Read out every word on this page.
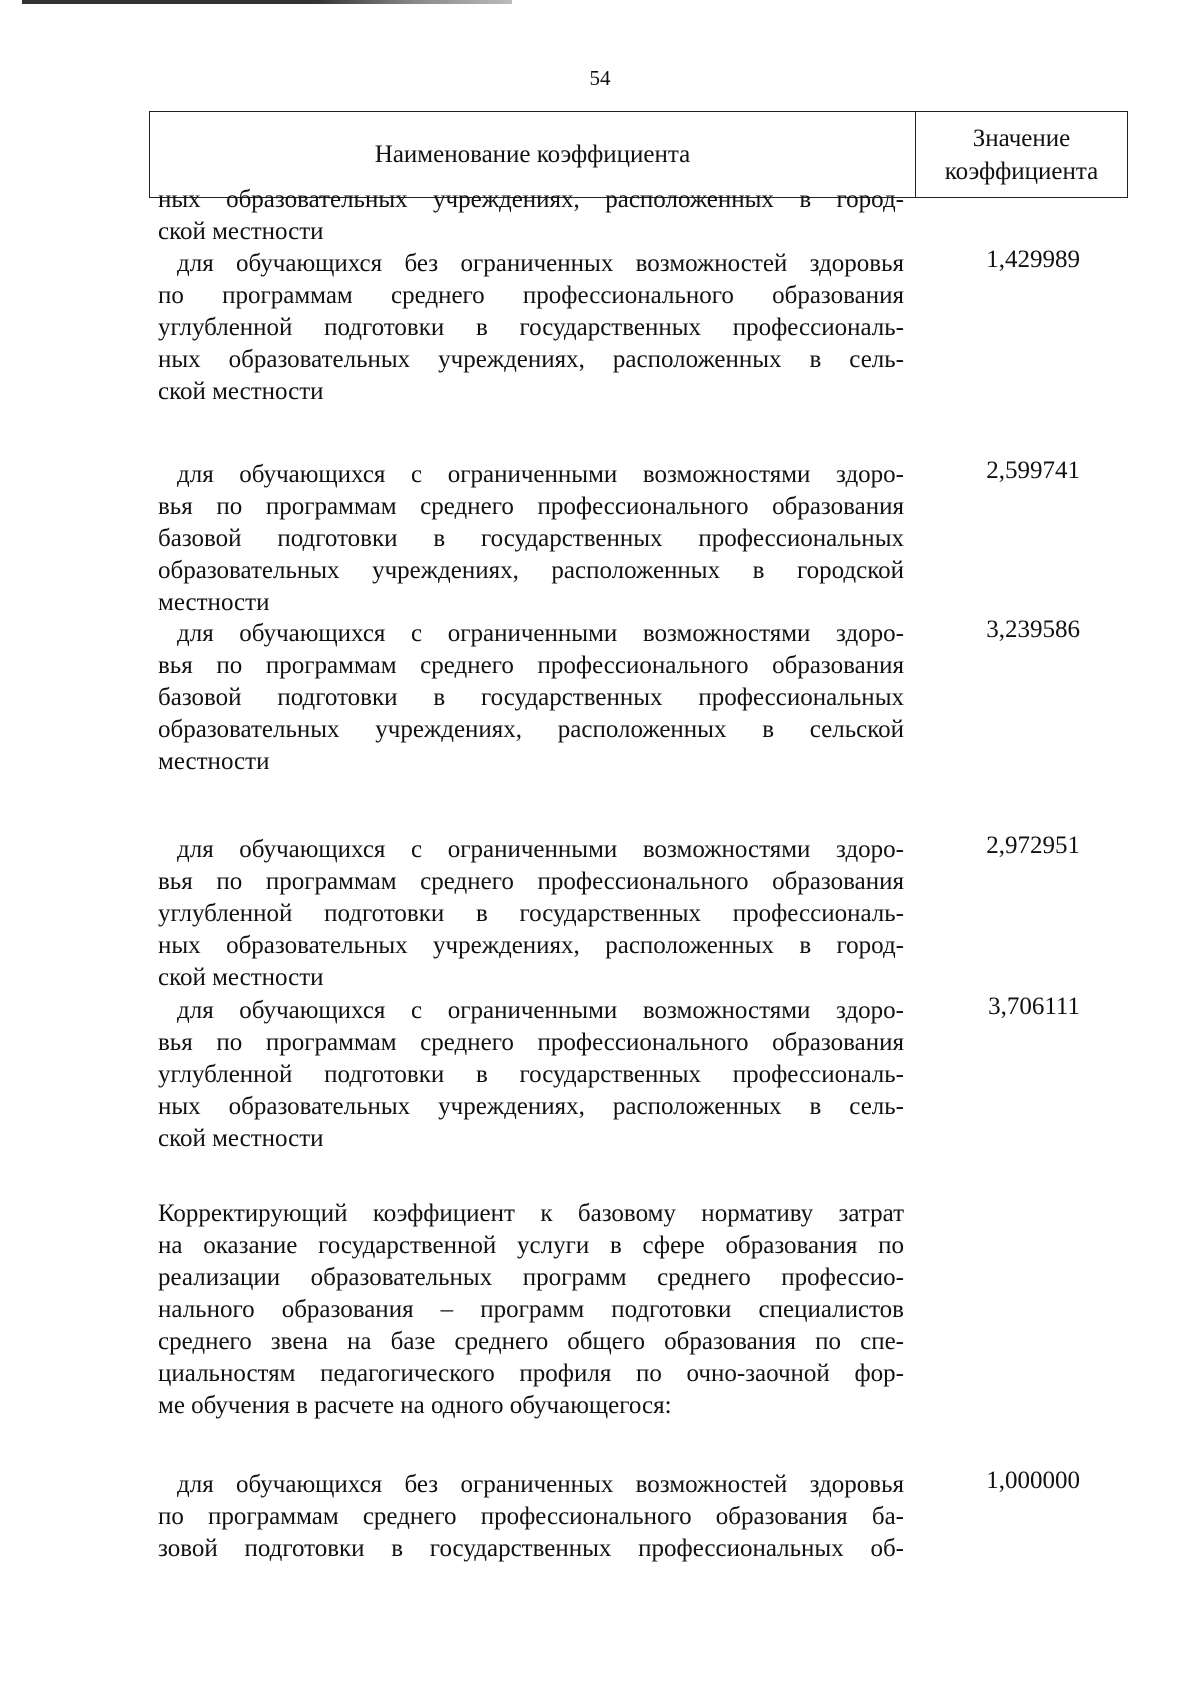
54
Наименование коэффициента
Значение
коэффициента
ных образовательных учреждениях, расположенных в город-
ской местности
1,429989
для обучающихся без ограниченных возможностей здоровья
по программам среднего профессионального образования
углубленной подготовки в государственных профессиональ-
ных образовательных учреждениях, расположенных в сель-
ской местности
2,599741
для обучающихся с ограниченными возможностями здоро-
вья по программам среднего профессионального образования
базовой подготовки в государственных профессиональных
образовательных учреждениях, расположенных в городской
местности
3,239586
для обучающихся с ограниченными возможностями здоро-
вья по программам среднего профессионального образования
базовой подготовки в государственных профессиональных
образовательных учреждениях, расположенных в сельской
местности
2,972951
для обучающихся с ограниченными возможностями здоро-
вья по программам среднего профессионального образования
углубленной подготовки в государственных профессиональ-
ных образовательных учреждениях, расположенных в город-
ской местности
3,706111
для обучающихся с ограниченными возможностями здоро-
вья по программам среднего профессионального образования
углубленной подготовки в государственных профессиональ-
ных образовательных учреждениях, расположенных в сель-
ской местности
Корректирующий коэффициент к базовому нормативу затрат
на оказание государственной услуги в сфере образования по
реализации образовательных программ среднего профессио-
нального образования – программ подготовки специалистов
среднего звена на базе среднего общего образования по спе-
циальностям педагогического профиля по очно-заочной фор-
ме обучения в расчете на одного обучающегося:
1,000000
для обучающихся без ограниченных возможностей здоровья
по программам среднего профессионального образования ба-
зовой подготовки в государственных профессиональных об-
